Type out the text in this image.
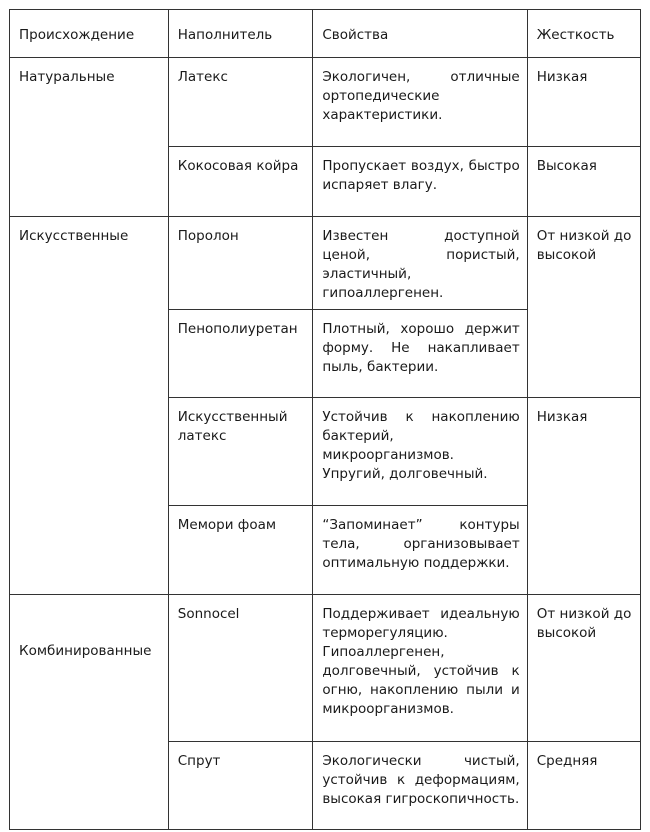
Происхождение	Наполнитель	Свойства	Жесткость
Натуральные	Латекс	Экологичен, отличные ортопедические характеристики.	Низкая
	Кокосовая койра	Пропускает воздух, быстро испаряет влагу.	Высокая
Искусственные	Поролон	Известен доступной ценой, пористый, эластичный, гипоаллергенен.	От низкой до высокой
	Пенополиуретан	Плотный, хорошо держит форму. Не накапливает пыль, бактерии.	
	Искусственный латекс	Устойчив к накоплению бактерий, микроорганизмов. Упругий, долговечный.	Низкая
	Мемори фоам	“Запоминает” контуры тела, организовывает оптимальную поддержки.	
Комбинированные	Sonnocel	Поддерживает идеальную терморегуляцию. Гипоаллергенен, долговечный, устойчив к огню, накоплению пыли и микроорганизмов.	От низкой до высокой
	Спрут	Экологически чистый, устойчив к деформациям, высокая гигроскопичность.	Средняя
